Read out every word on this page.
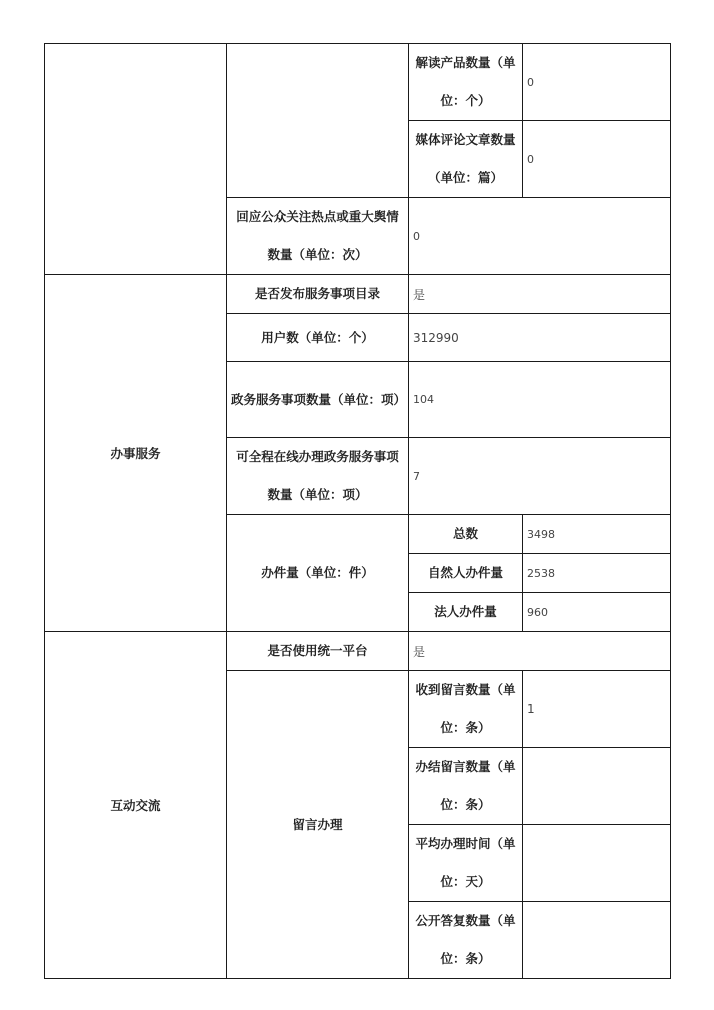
		解读产品数量（单位：个）	0
		媒体评论文章数量（单位：篇）	0
	回应公众关注热点或重大舆情数量（单位：次）	0	
办事服务	是否发布服务事项目录	是	
	用户数（单位：个）	312990	
	政务服务事项数量（单位：项）	104	
	可全程在线办理政务服务事项数量（单位：项）	7	
	办件量（单位：件）	总数	3498
		自然人办件量	2538
		法人办件量	960
互动交流	是否使用统一平台	是	
	留言办理	收到留言数量（单位：条）	1
		办结留言数量（单位：条）	
		平均办理时间（单位：天）	
		公开答复数量（单位：条）	
